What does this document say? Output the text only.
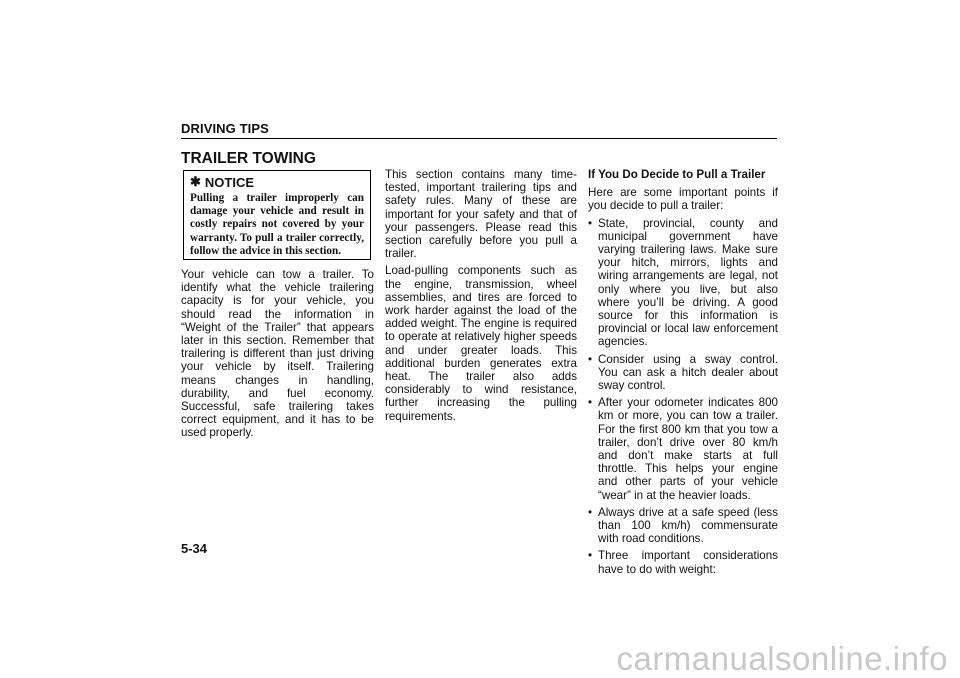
DRIVING TIPS
TRAILER TOWING
✱ NOTICE
Pulling a trailer improperly can damage your vehicle and result in costly repairs not covered by your warranty. To pull a trailer correctly, follow the advice in this section.

Your vehicle can tow a trailer. To identify what the vehicle trailering capacity is for your vehicle, you should read the information in “Weight of the Trailer” that appears later in this section. Remember that trailering is different than just driving your vehicle by itself. Trailering means changes in handling, durability, and fuel economy. Successful, safe trailering takes correct equipment, and it has to be used properly.

This section contains many time-tested, important trailering tips and safety rules. Many of these are important for your safety and that of your passengers. Please read this section carefully before you pull a trailer.

Load-pulling components such as the engine, transmission, wheel assemblies, and tires are forced to work harder against the load of the added weight. The engine is required to operate at relatively higher speeds and under greater loads. This additional burden generates extra heat. The trailer also adds considerably to wind resistance, further increasing the pulling requirements.

If You Do Decide to Pull a Trailer

Here are some important points if you decide to pull a trailer:

• State, provincial, county and municipal government have varying trailering laws. Make sure your hitch, mirrors, lights and wiring arrangements are legal, not only where you live, but also where you’ll be driving. A good source for this information is provincial or local law enforcement agencies.
• Consider using a sway control. You can ask a hitch dealer about sway control.
• After your odometer indicates 800 km or more, you can tow a trailer. For the first 800 km that you tow a trailer, don’t drive over 80 km/h and don’t make starts at full throttle. This helps your engine and other parts of your vehicle “wear” in at the heavier loads.
• Always drive at a safe speed (less than 100 km/h) commensurate with road conditions.
• Three important considerations have to do with weight:
5-34
carmanualsonline.info
